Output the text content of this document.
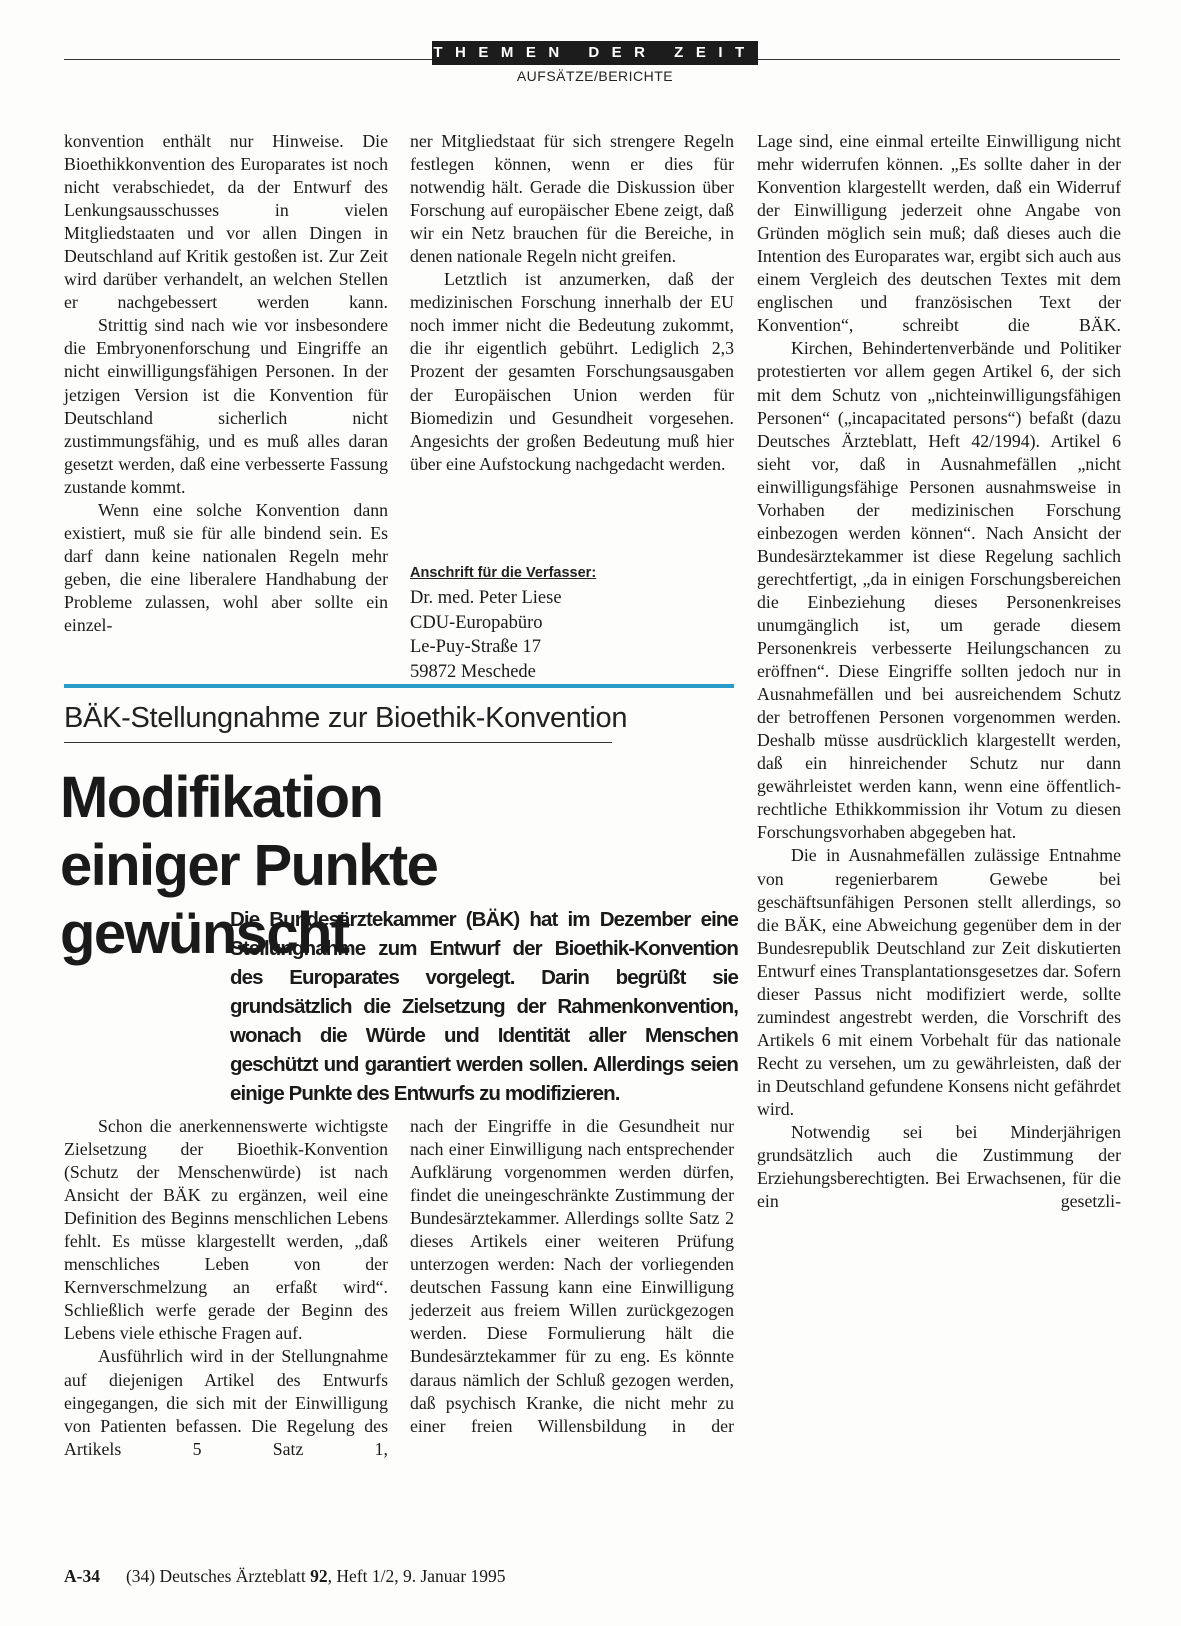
THEMEN DER ZEIT
AUFSÄTZE/BERICHTE

konvention enthält nur Hinweise. Die Bioethikkonvention des Europarates ist noch nicht verabschiedet, da der Entwurf des Lenkungsausschusses in vielen Mitgliedstaaten und vor allen Dingen in Deutschland auf Kritik gestoßen ist. Zur Zeit wird darüber verhandelt, an welchen Stellen er nachgebessert werden kann.

Strittig sind nach wie vor insbesondere die Embryonenforschung und Eingriffe an nicht einwilligungsfähigen Personen. In der jetzigen Version ist die Konvention für Deutschland sicherlich nicht zustimmungsfähig, und es muß alles daran gesetzt werden, daß eine verbesserte Fassung zustande kommt.

Wenn eine solche Konvention dann existiert, muß sie für alle bindend sein. Es darf dann keine nationalen Regeln mehr geben, die eine liberalere Handhabung der Probleme zulassen, wohl aber sollte ein einzel-

ner Mitgliedstaat für sich strengere Regeln festlegen können, wenn er dies für notwendig hält. Gerade die Diskussion über Forschung auf europäischer Ebene zeigt, daß wir ein Netz brauchen für die Bereiche, in denen nationale Regeln nicht greifen.

Letztlich ist anzumerken, daß der medizinischen Forschung innerhalb der EU noch immer nicht die Bedeutung zukommt, die ihr eigentlich gebührt. Lediglich 2,3 Prozent der gesamten Forschungsausgaben der Europäischen Union werden für Biomedizin und Gesundheit vorgesehen. Angesichts der großen Bedeutung muß hier über eine Aufstockung nachgedacht werden.

Anschrift für die Verfasser:
Dr. med. Peter Liese
CDU-Europabüro
Le-Puy-Straße 17
59872 Meschede
BÄK-Stellungnahme zur Bioethik-Konvention
Modifikation
einiger Punkte gewünscht

Die Bundesärztekammer (BÄK) hat im Dezember eine Stellungnahme zum Entwurf der Bioethik-Konvention des Europarates vorgelegt. Darin begrüßt sie grundsätzlich die Zielsetzung der Rahmenkonvention, wonach die Würde und Identität aller Menschen geschützt und garantiert werden sollen. Allerdings seien einige Punkte des Entwurfs zu modifizieren.

Lage sind, eine einmal erteilte Einwilligung nicht mehr widerrufen können. „Es sollte daher in der Konvention klargestellt werden, daß ein Widerruf der Einwilligung jederzeit ohne Angabe von Gründen möglich sein muß; daß dieses auch die Intention des Europarates war, ergibt sich auch aus einem Vergleich des deutschen Textes mit dem englischen und französischen Text der Konvention“, schreibt die BÄK.

Kirchen, Behindertenverbände und Politiker protestierten vor allem gegen Artikel 6, der sich mit dem Schutz von „nichteinwilligungsfähigen Personen“ („incapacitated persons“) befaßt (dazu Deutsches Ärzteblatt, Heft 42/1994). Artikel 6 sieht vor, daß in Ausnahmefällen „nicht einwilligungsfähige Personen ausnahmsweise in Vorhaben der medizinischen Forschung einbezogen werden können“. Nach Ansicht der Bundesärztekammer ist diese Regelung sachlich gerechtfertigt, „da in einigen Forschungsbereichen die Einbeziehung dieses Personenkreises unumgänglich ist, um gerade diesem Personenkreis verbesserte Heilungschancen zu eröffnen“. Diese Eingriffe sollten jedoch nur in Ausnahmefällen und bei ausreichendem Schutz der betroffenen Personen vorgenommen werden. Deshalb müsse ausdrücklich klargestellt werden, daß ein hinreichender Schutz nur dann gewährleistet werden kann, wenn eine öffentlich-rechtliche Ethikkommission ihr Votum zu diesen Forschungsvorhaben abgegeben hat.

Die in Ausnahmefällen zulässige Entnahme von regenierbarem Gewebe bei geschäftsunfähigen Personen stellt allerdings, so die BÄK, eine Abweichung gegenüber dem in der Bundesrepublik Deutschland zur Zeit diskutierten Entwurf eines Transplantationsgesetzes dar. Sofern dieser Passus nicht modifiziert werde, sollte zumindest angestrebt werden, die Vorschrift des Artikels 6 mit einem Vorbehalt für das nationale Recht zu versehen, um zu gewährleisten, daß der in Deutschland gefundene Konsens nicht gefährdet wird.

Notwendig sei bei Minderjährigen grundsätzlich auch die Zustimmung der Erziehungsberechtigten. Bei Erwachsenen, für die ein gesetzli-

Schon die anerkennenswerte wichtigste Zielsetzung der Bioethik-Konvention (Schutz der Menschenwürde) ist nach Ansicht der BÄK zu ergänzen, weil eine Definition des Beginns menschlichen Lebens fehlt. Es müsse klargestellt werden, „daß menschliches Leben von der Kernverschmelzung an erfaßt wird“. Schließlich werfe gerade der Beginn des Lebens viele ethische Fragen auf.

Ausführlich wird in der Stellungnahme auf diejenigen Artikel des Entwurfs eingegangen, die sich mit der Einwilligung von Patienten befassen. Die Regelung des Artikels 5 Satz 1,

nach der Eingriffe in die Gesundheit nur nach einer Einwilligung nach entsprechender Aufklärung vorgenommen werden dürfen, findet die uneingeschränkte Zustimmung der Bundesärztekammer. Allerdings sollte Satz 2 dieses Artikels einer weiteren Prüfung unterzogen werden: Nach der vorliegenden deutschen Fassung kann eine Einwilligung jederzeit aus freiem Willen zurückgezogen werden. Diese Formulierung hält die Bundesärztekammer für zu eng. Es könnte daraus nämlich der Schluß gezogen werden, daß psychisch Kranke, die nicht mehr zu einer freien Willensbildung in der

A-34 (34) Deutsches Ärzteblatt 92, Heft 1/2, 9. Januar 1995
